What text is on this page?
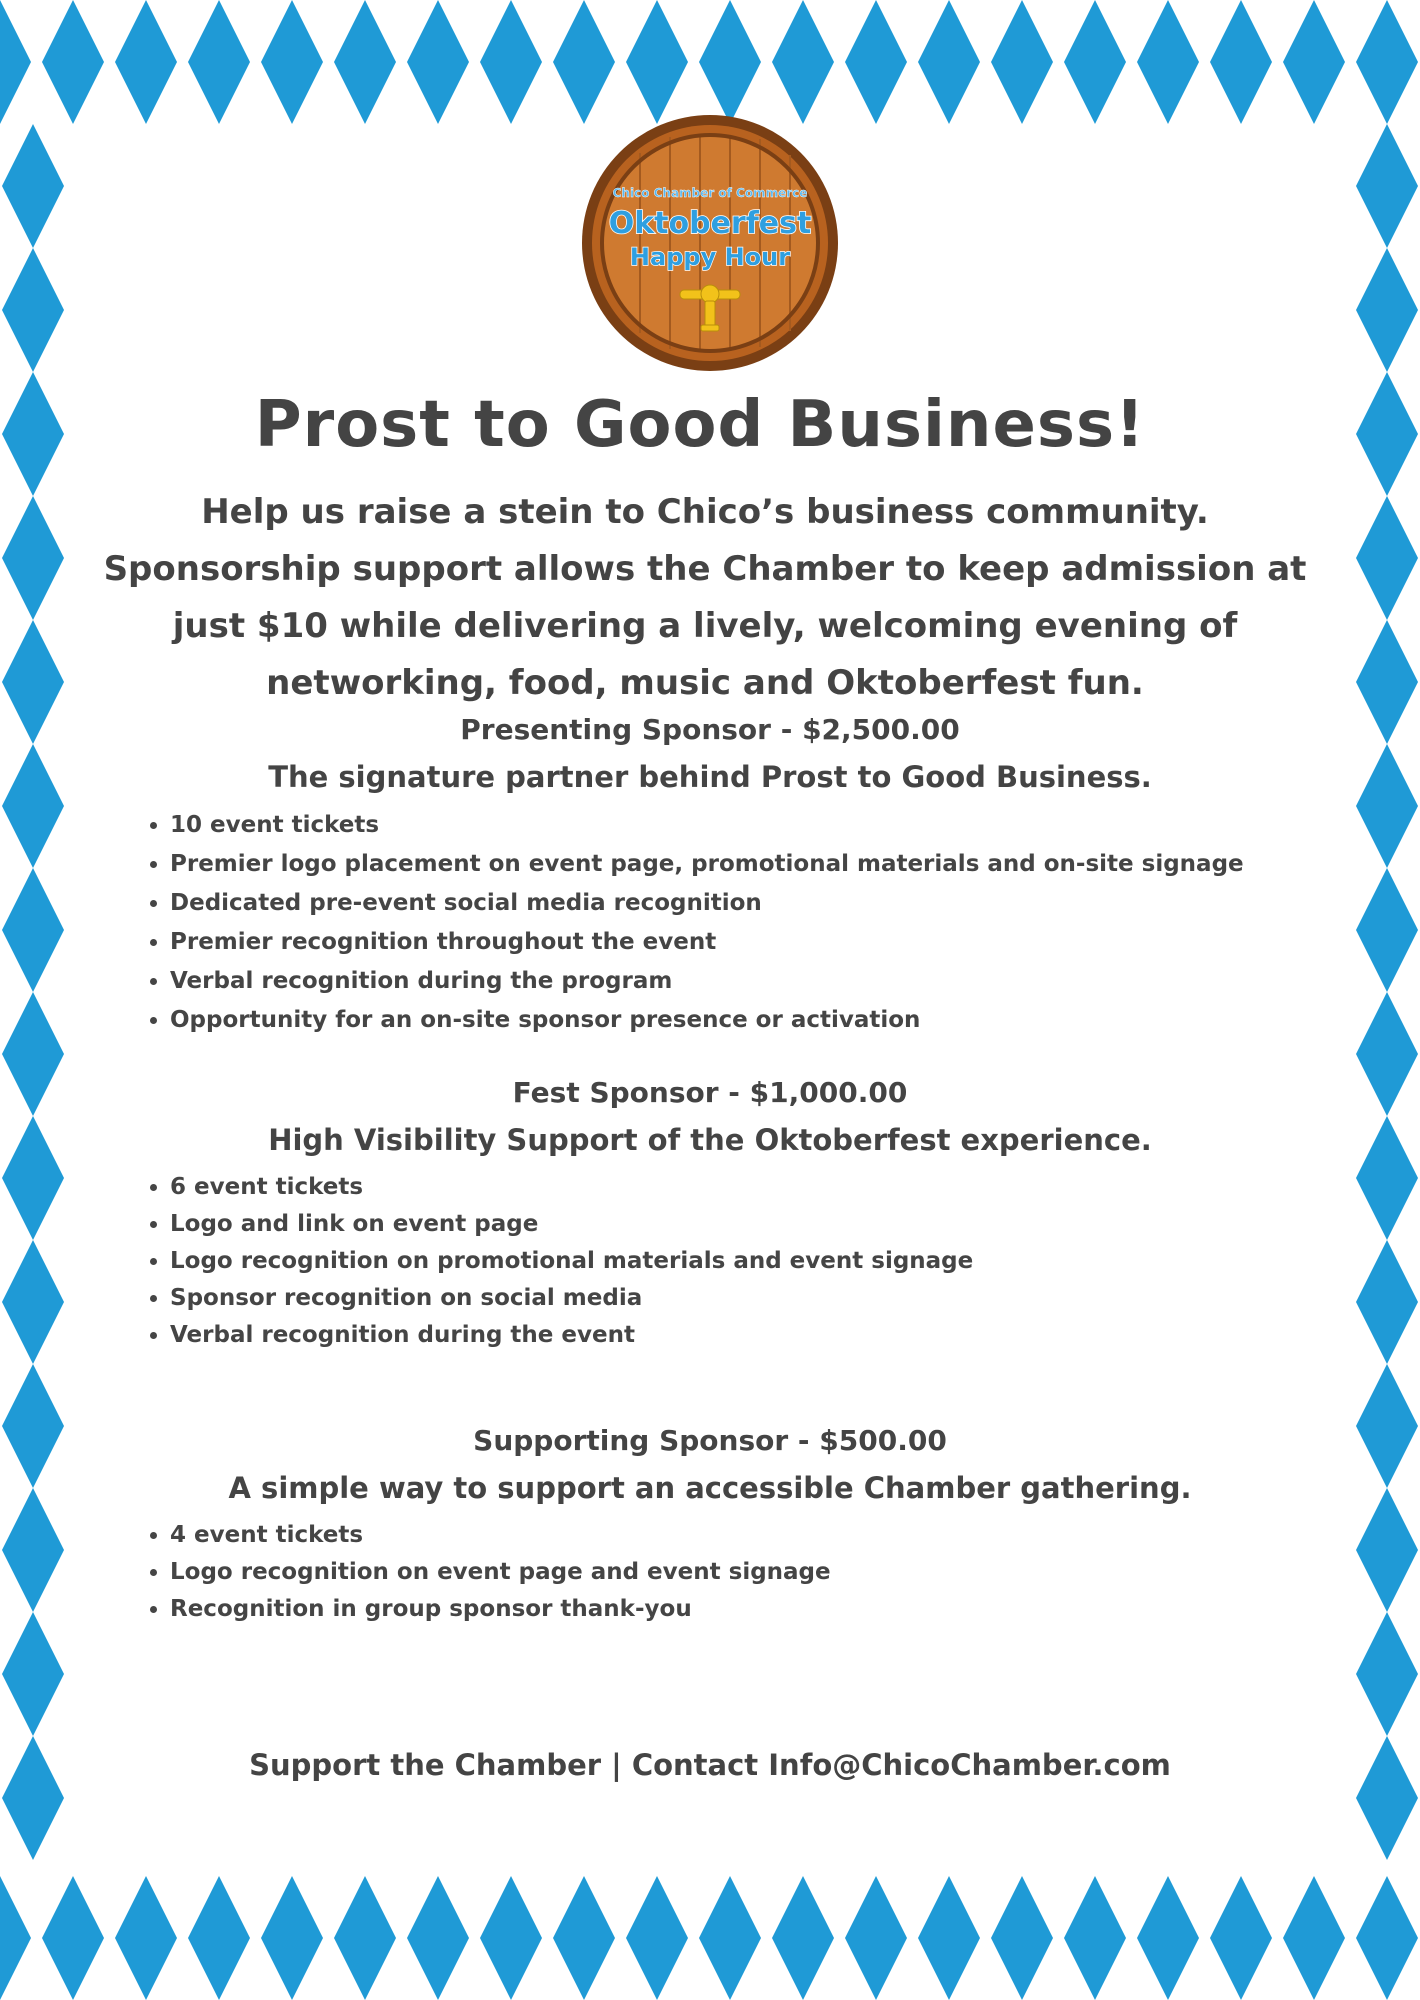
Chico Chamber of Commerce
Oktoberfest
Happy Hour
Prost to Good Business!

Help us raise a stein to Chico’s business community. Sponsorship support allows the Chamber to keep admission at just $10 while delivering a lively, welcoming evening of networking, food, music and Oktoberfest fun.

Presenting Sponsor - $2,500.00

The signature partner behind Prost to Good Business.

• 10 event tickets
• Premier logo placement on event page, promotional materials and on-site signage
• Dedicated pre-event social media recognition
• Premier recognition throughout the event
• Verbal recognition during the program
• Opportunity for an on-site sponsor presence or activation

Fest Sponsor - $1,000.00

High Visibility Support of the Oktoberfest experience.

• 6 event tickets
• Logo and link on event page
• Logo recognition on promotional materials and event signage
• Sponsor recognition on social media
• Verbal recognition during the event

Supporting Sponsor - $500.00

A simple way to support an accessible Chamber gathering.

• 4 event tickets
• Logo recognition on event page and event signage
• Recognition in group sponsor thank-you

Support the Chamber | Contact Info@ChicoChamber.com
